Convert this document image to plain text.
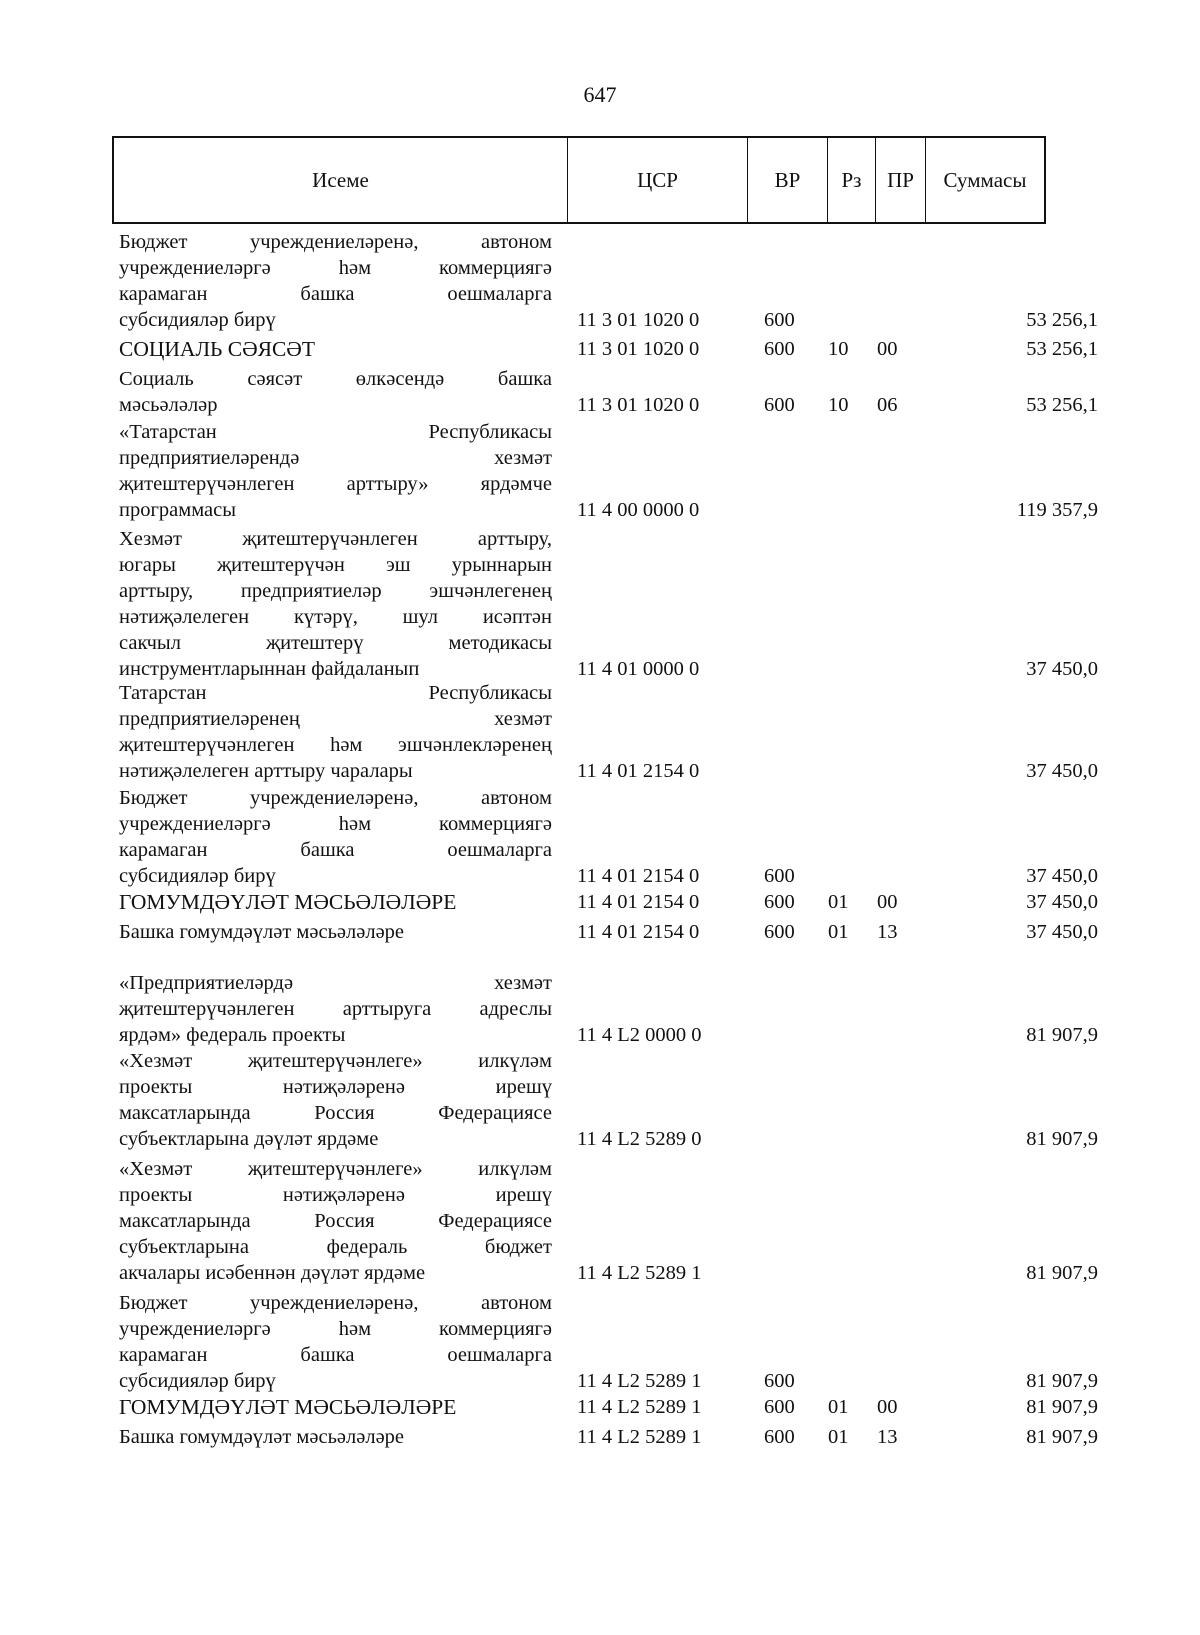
647
Исеме	ЦСР	ВР	Рз	ПР	Суммасы
Бюджет учреждениеләренә, автоном
учреждениеләргә һәм коммерциягә
карамаган башка оешмаларга
субсидияләр бирү	11 3 01 1020 0	600	53 256,1
СОЦИАЛЬ СӘЯСӘТ	11 3 01 1020 0	600 10 00	53 256,1
Социаль сәясәт өлкәсендә башка
мәсьәләләр	11 3 01 1020 0	600 10 06	53 256,1
«Татарстан Республикасы
предприятиеләрендә хезмәт
җитештерүчәнлеген арттыру» ярдәмче
программасы	11 4 00 0000 0	119 357,9
Хезмәт җитештерүчәнлеген арттыру,
югары җитештерүчән эш урыннарын
арттыру, предприятиеләр эшчәнлегенең
нәтиҗәлелеген күтәрү, шул исәптән
сакчыл җитештерү методикасы
инструментларыннан файдаланып	11 4 01 0000 0	37 450,0
Татарстан Республикасы
предприятиеләренең хезмәт
җитештерүчәнлеген һәм эшчәнлекләренең
нәтиҗәлелеген арттыру чаралары	11 4 01 2154 0	37 450,0
Бюджет учреждениеләренә, автоном
учреждениеләргә һәм коммерциягә
карамаган башка оешмаларга
субсидияләр бирү	11 4 01 2154 0	600	37 450,0
ГОМУМДӘҮЛӘТ МӘСЬӘЛӘЛӘРЕ	11 4 01 2154 0	600 01 00	37 450,0
Башка гомумдәүләт мәсьәләләре	11 4 01 2154 0	600 01 13	37 450,0
«Предприятиеләрдә хезмәт
җитештерүчәнлеген арттыруга адреслы
ярдәм» федераль проекты	11 4 L2 0000 0	81 907,9
«Хезмәт җитештерүчәнлеге» илкүләм
проекты нәтиҗәләренә ирешү
максатларында Россия Федерациясе
субъектларына дәүләт ярдәме	11 4 L2 5289 0	81 907,9
«Хезмәт җитештерүчәнлеге» илкүләм
проекты нәтиҗәләренә ирешү
максатларында Россия Федерациясе
субъектларына федераль бюджет
акчалары исәбеннән дәүләт ярдәме	11 4 L2 5289 1	81 907,9
Бюджет учреждениеләренә, автоном
учреждениеләргә һәм коммерциягә
карамаган башка оешмаларга
субсидияләр бирү	11 4 L2 5289 1	600	81 907,9
ГОМУМДӘҮЛӘТ МӘСЬӘЛӘЛӘРЕ	11 4 L2 5289 1	600 01 00	81 907,9
Башка гомумдәүләт мәсьәләләре	11 4 L2 5289 1	600 01 13	81 907,9
